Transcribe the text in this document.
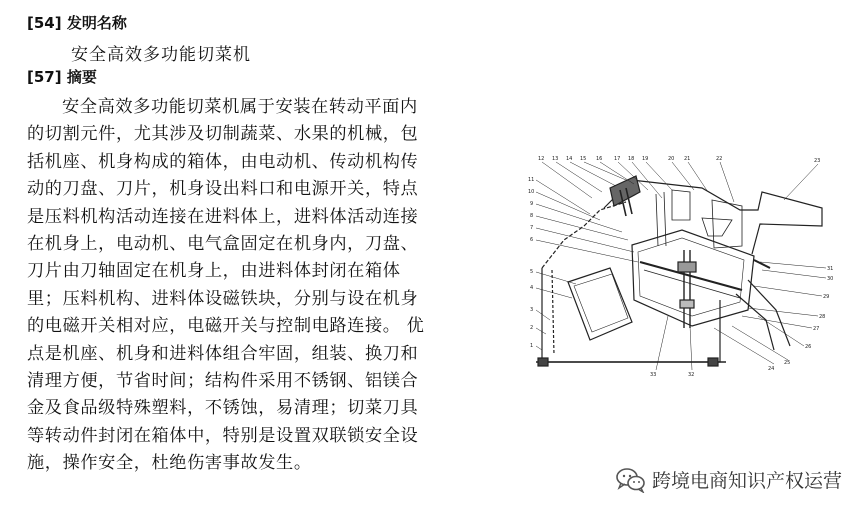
[54] 发明名称
安全高效多功能切菜机
[57] 摘要
安全高效多功能切菜机属于安装在转动平面内
的切割元件，尤其涉及切制蔬菜、水果的机械，包
括机座、机身构成的箱体，由电动机、传动机构传
动的刀盘、刀片，机身设出料口和电源开关，特点
是压料机构活动连接在进料体上，进料体活动连接
在机身上，电动机、电气盒固定在机身内，刀盘、
刀片由刀轴固定在机身上，由进料体封闭在箱体
里；压料机构、进料体设磁铁块，分别与设在机身
的电磁开关相对应，电磁开关与控制电路连接。 优
点是机座、机身和进料体组合牢固，组装、换刀和
清理方便，节省时间；结构件采用不锈钢、铝镁合
金及食品级特殊塑料，不锈蚀，易清理；切菜刀具
等转动件封闭在箱体中，特别是设置双联锁安全设
施，操作安全，杜绝伤害事故发生。
12 13 14 15 16 17 18 19	20 21	22	23
11
10
9
8
7
6
5
4
3
2
1
31
30
29
28
27
26
25
24
33	32
跨境电商知识产权运营
